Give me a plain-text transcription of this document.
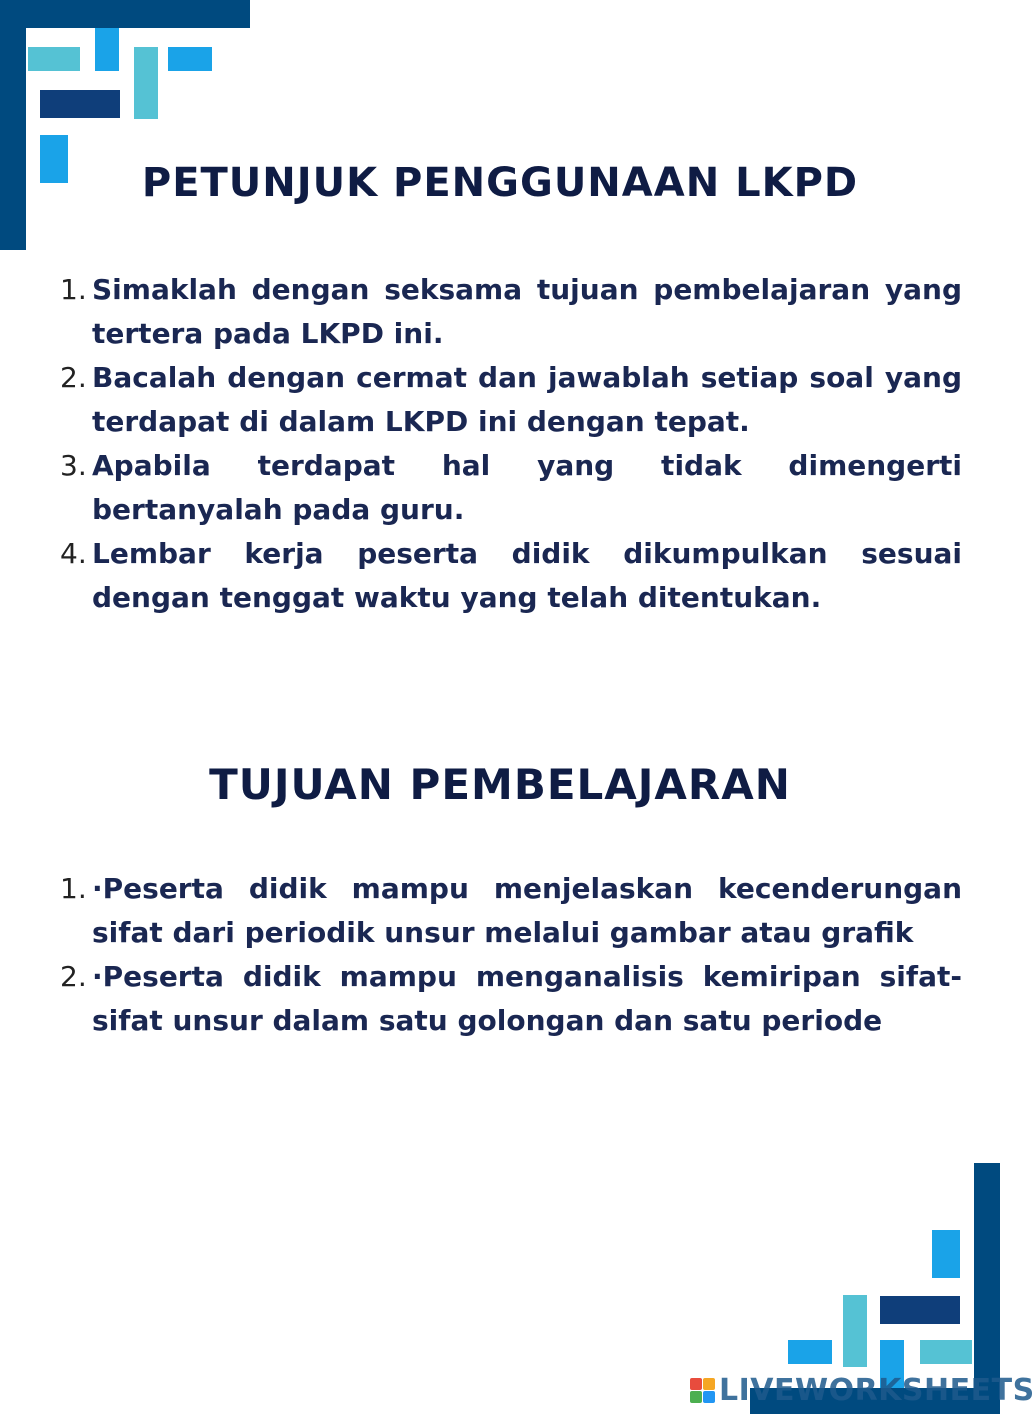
PETUNJUK PENGGUNAAN LKPD
1. Simaklah dengan seksama tujuan pembelajaran yang tertera pada LKPD ini.
2. Bacalah dengan cermat dan jawablah setiap soal yang terdapat di dalam LKPD ini dengan tepat.
3. Apabila terdapat hal yang tidak dimengerti bertanyalah pada guru.
4. Lembar kerja peserta didik dikumpulkan sesuai dengan tenggat waktu yang telah ditentukan.
TUJUAN PEMBELAJARAN
1. ·Peserta didik mampu menjelaskan kecenderungan sifat dari periodik unsur melalui gambar atau grafik
2. ·Peserta didik mampu menganalisis kemiripan sifat-sifat unsur dalam satu golongan dan satu periode
LIVEWORKSHEETS
